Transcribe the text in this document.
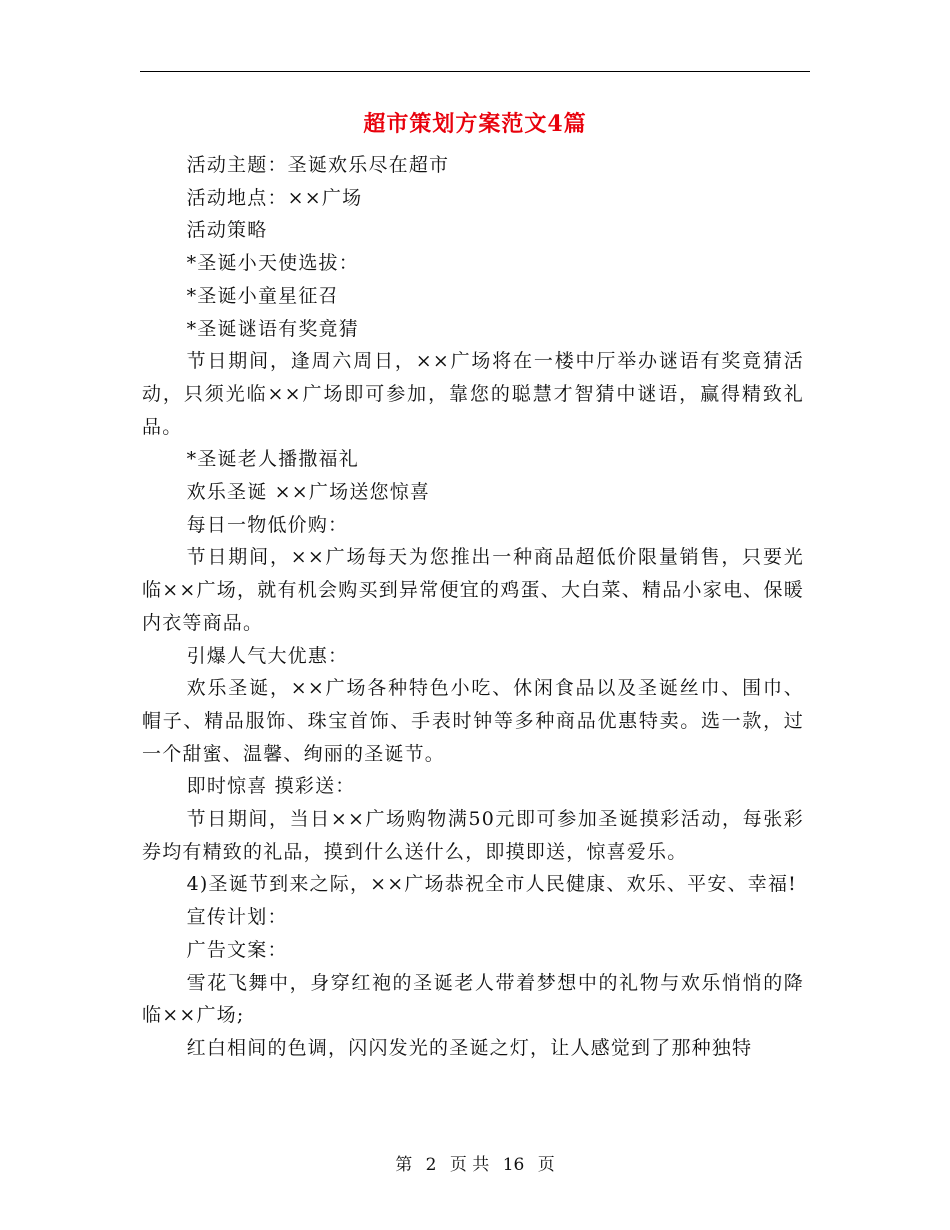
超市策划方案范文4篇

活动主题：圣诞欢乐尽在超市

活动地点：××广场

活动策略

*圣诞小天使选拔：

*圣诞小童星征召

*圣诞谜语有奖竟猜

节日期间，逢周六周日，××广场将在一楼中厅举办谜语有奖竟猜活动，只须光临××广场即可参加，靠您的聪慧才智猜中谜语，赢得精致礼品。

*圣诞老人播撒福礼

欢乐圣诞 ××广场送您惊喜

每日一物低价购：

节日期间，××广场每天为您推出一种商品超低价限量销售，只要光临××广场，就有机会购买到异常便宜的鸡蛋、大白菜、精品小家电、保暖内衣等商品。

引爆人气大优惠：

欢乐圣诞，××广场各种特色小吃、休闲食品以及圣诞丝巾、围巾、帽子、精品服饰、珠宝首饰、手表时钟等多种商品优惠特卖。选一款，过一个甜蜜、温馨、绚丽的圣诞节。

即时惊喜 摸彩送：

节日期间，当日××广场购物满50元即可参加圣诞摸彩活动，每张彩券均有精致的礼品，摸到什么送什么，即摸即送，惊喜爱乐。

4)圣诞节到来之际，××广场恭祝全市人民健康、欢乐、平安、幸福!

宣传计划：

广告文案：

雪花飞舞中，身穿红袍的圣诞老人带着梦想中的礼物与欢乐悄悄的降临××广场;

红白相间的色调，闪闪发光的圣诞之灯，让人感觉到了那种独特

第 2 页 共 16 页
